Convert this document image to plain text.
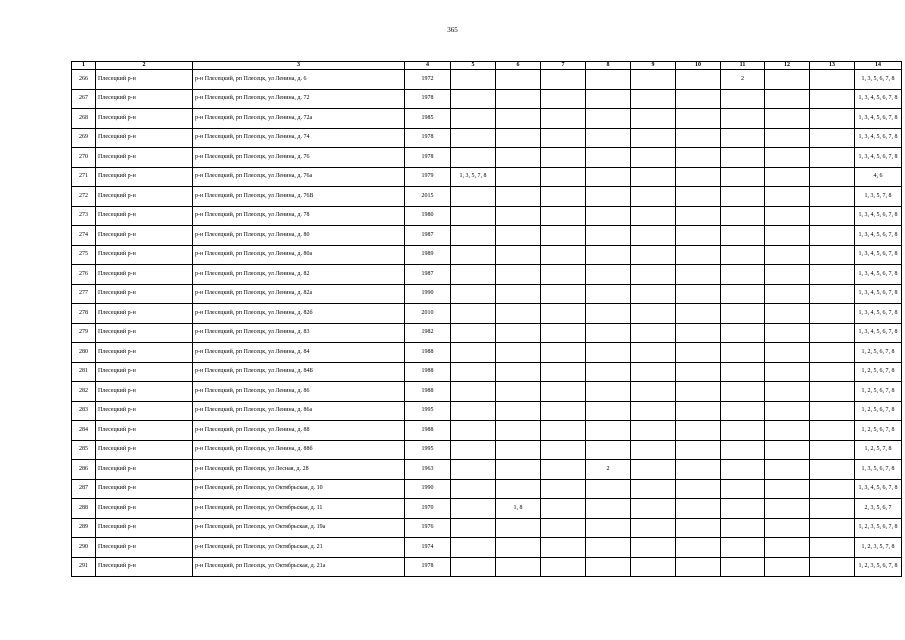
365
1	2	3	4	5	6	7	8	9	10	11	12	13	14
266	Плесецкий р-н	р-н Плесецкий, рп Плесецк, ул Ленина, д. 6	1972							2			1, 3, 5, 6, 7, 8
267	Плесецкий р-н	р-н Плесецкий, рп Плесецк, ул Ленина, д. 72	1978										1, 3, 4, 5, 6, 7, 8
268	Плесецкий р-н	р-н Плесецкий, рп Плесецк, ул Ленина, д. 72а	1985										1, 3, 4, 5, 6, 7, 8
269	Плесецкий р-н	р-н Плесецкий, рп Плесецк, ул Ленина, д. 74	1978										1, 3, 4, 5, 6, 7, 8
270	Плесецкий р-н	р-н Плесецкий, рп Плесецк, ул Ленина, д. 76	1978										1, 3, 4, 5, 6, 7, 8
271	Плесецкий р-н	р-н Плесецкий, рп Плесецк, ул Ленина, д. 76а	1979	1, 3, 5, 7, 8									4, 6
272	Плесецкий р-н	р-н Плесецкий, рп Плесецк, ул Ленина, д. 76В	2015										1, 3, 5, 7, 8
273	Плесецкий р-н	р-н Плесецкий, рп Плесецк, ул Ленина, д. 78	1980										1, 3, 4, 5, 6, 7, 8
274	Плесецкий р-н	р-н Плесецкий, рп Плесецк, ул Ленина, д. 80	1987										1, 3, 4, 5, 6, 7, 8
275	Плесецкий р-н	р-н Плесецкий, рп Плесецк, ул Ленина, д. 80а	1989										1, 3, 4, 5, 6, 7, 8
276	Плесецкий р-н	р-н Плесецкий, рп Плесецк, ул Ленина, д. 82	1987										1, 3, 4, 5, 6, 7, 8
277	Плесецкий р-н	р-н Плесецкий, рп Плесецк, ул Ленина, д. 82а	1990										1, 3, 4, 5, 6, 7, 8
278	Плесецкий р-н	р-н Плесецкий, рп Плесецк, ул Ленина, д. 82б	2010										1, 3, 4, 5, 6, 7, 8
279	Плесецкий р-н	р-н Плесецкий, рп Плесецк, ул Ленина, д. 83	1982										1, 3, 4, 5, 6, 7, 8
280	Плесецкий р-н	р-н Плесецкий, рп Плесецк, ул Ленина, д. 84	1988										1, 2, 5, 6, 7, 8
281	Плесецкий р-н	р-н Плесецкий, рп Плесецк, ул Ленина, д. 84Б	1988										1, 2, 5, 6, 7, 8
282	Плесецкий р-н	р-н Плесецкий, рп Плесецк, ул Ленина, д. 86	1988										1, 2, 5, 6, 7, 8
283	Плесецкий р-н	р-н Плесецкий, рп Плесецк, ул Ленина, д. 86а	1995										1, 2, 5, 6, 7, 8
284	Плесецкий р-н	р-н Плесецкий, рп Плесецк, ул Ленина, д. 88	1988										1, 2, 5, 6, 7, 8
285	Плесецкий р-н	р-н Плесецкий, рп Плесецк, ул Ленина, д. 88б	1995										1, 2, 5, 7, 8
286	Плесецкий р-н	р-н Плесецкий, рп Плесецк, ул Лесная, д. 28	1963				2						1, 3, 5, 6, 7, 8
287	Плесецкий р-н	р-н Плесецкий, рп Плесецк, ул Октябрьская, д. 10	1990										1, 3, 4, 5, 6, 7, 8
288	Плесецкий р-н	р-н Плесецкий, рп Плесецк, ул Октябрьская, д. 11	1970		1, 8								2, 3, 5, 6, 7
289	Плесецкий р-н	р-н Плесецкий, рп Плесецк, ул Октябрьская, д. 19а	1976										1, 2, 3, 5, 6, 7, 8
290	Плесецкий р-н	р-н Плесецкий, рп Плесецк, ул Октябрьская, д. 21	1974										1, 2, 3, 5, 7, 8
291	Плесецкий р-н	р-н Плесецкий, рп Плесецк, ул Октябрьская, д. 21а	1978										1, 2, 3, 5, 6, 7, 8
